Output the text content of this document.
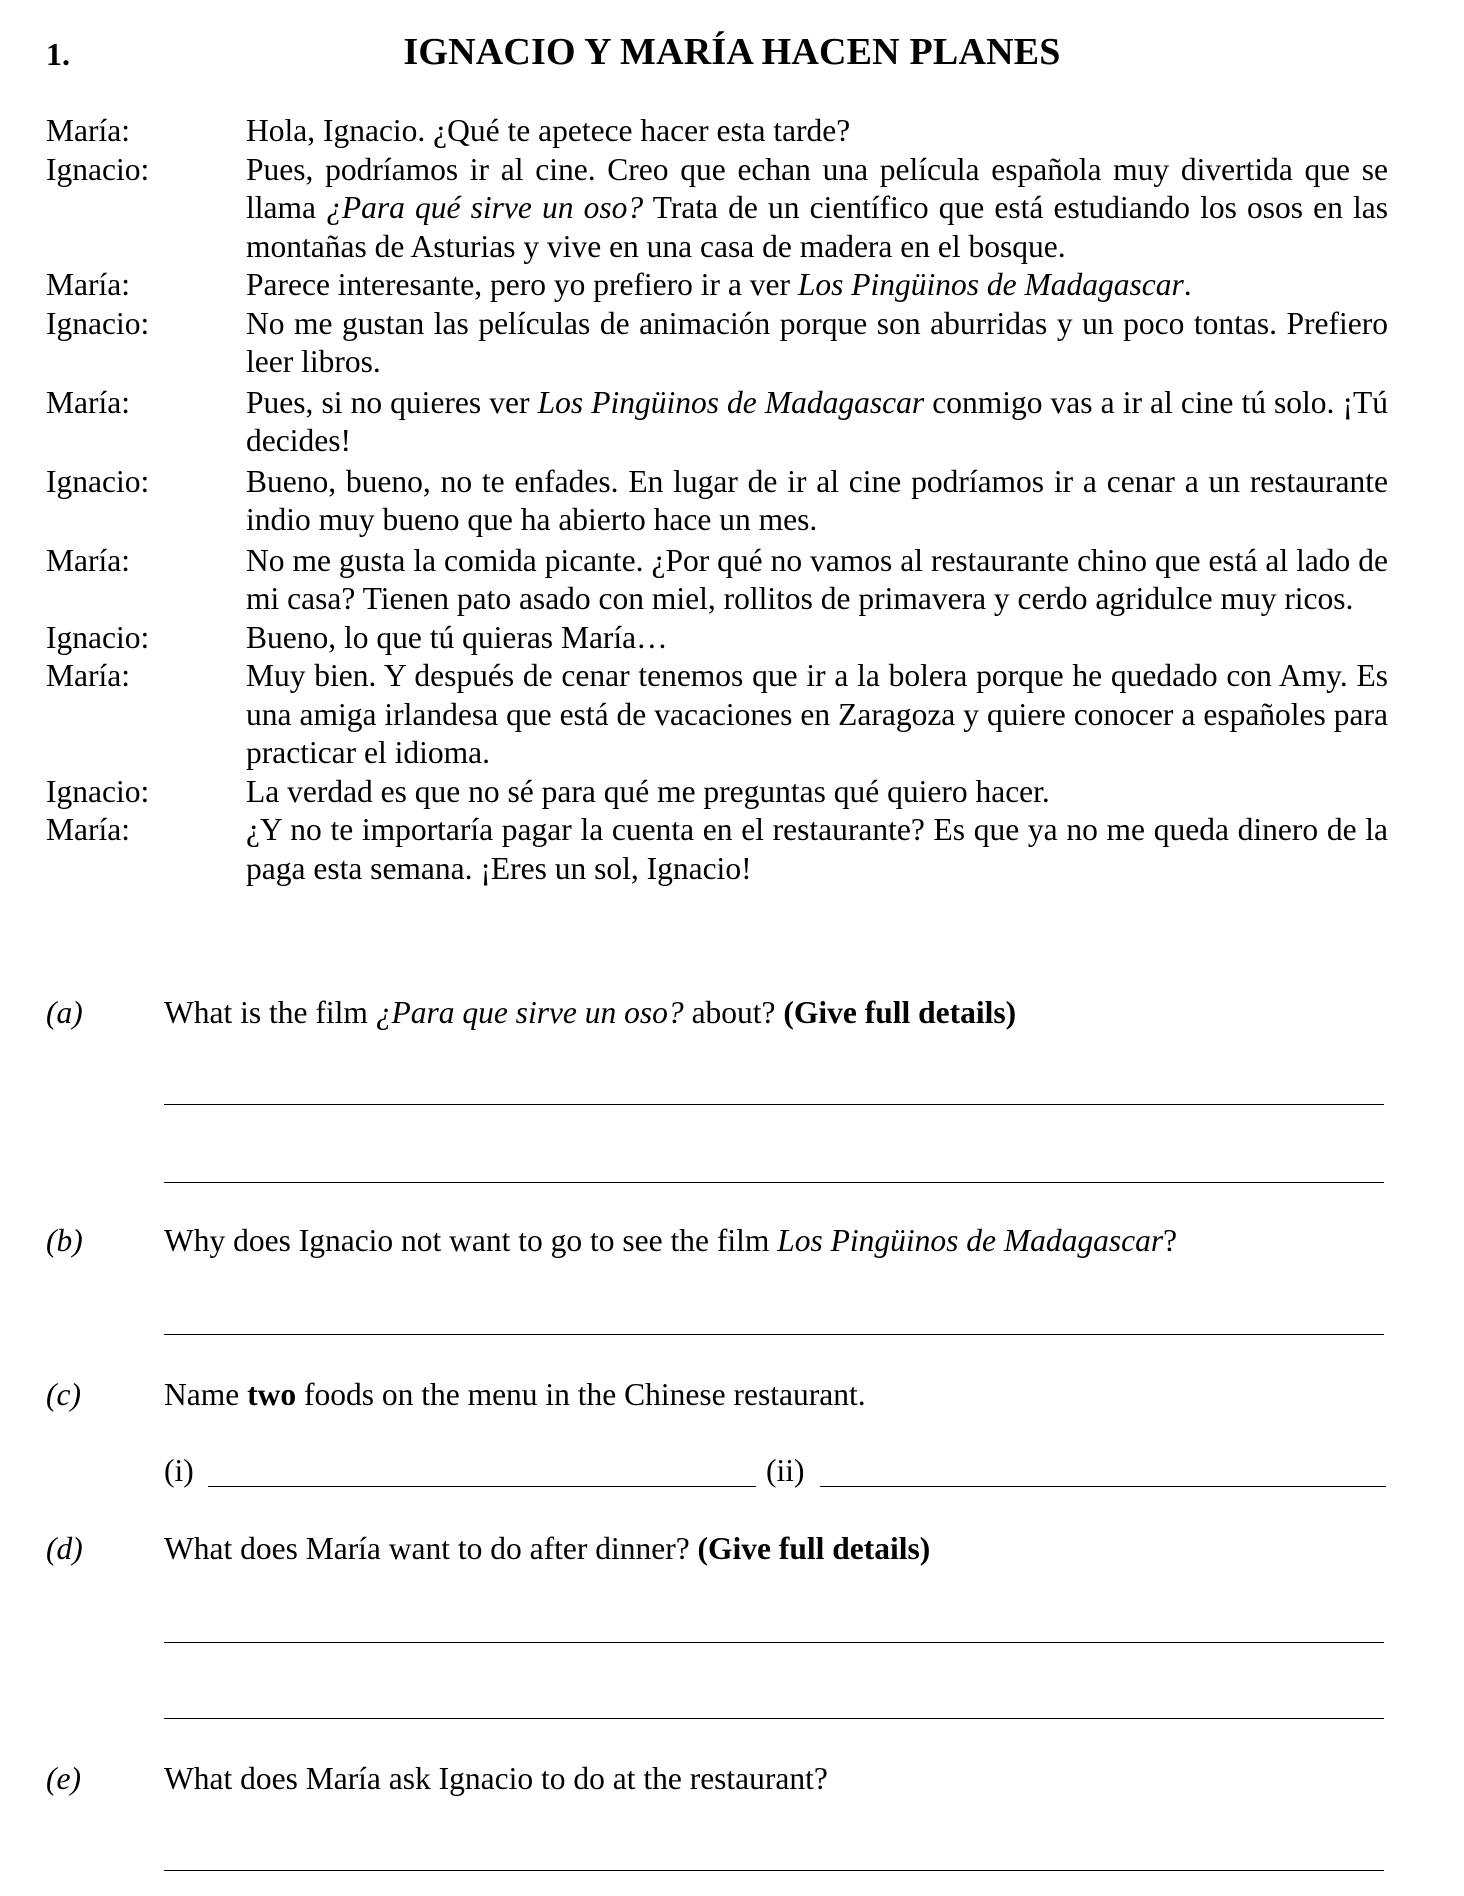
1.	IGNACIO Y MARÍA HACEN PLANES
María:	Hola, Ignacio. ¿Qué te apetece hacer esta tarde?
Ignacio:	Pues, podríamos ir al cine. Creo que echan una película española muy divertida que se llama ¿Para qué sirve un oso? Trata de un científico que está estudiando los osos en las montañas de Asturias y vive en una casa de madera en el bosque.
María:	Parece interesante, pero yo prefiero ir a ver Los Pingüinos de Madagascar.
Ignacio:	No me gustan las películas de animación porque son aburridas y un poco tontas. Prefiero leer libros.
María:	Pues, si no quieres ver Los Pingüinos de Madagascar conmigo vas a ir al cine tú solo. ¡Tú decides!
Ignacio:	Bueno, bueno, no te enfades. En lugar de ir al cine podríamos ir a cenar a un restaurante indio muy bueno que ha abierto hace un mes.
María:	No me gusta la comida picante. ¿Por qué no vamos al restaurante chino que está al lado de mi casa? Tienen pato asado con miel, rollitos de primavera y cerdo agridulce muy ricos.
Ignacio:	Bueno, lo que tú quieras María…
María:	Muy bien. Y después de cenar tenemos que ir a la bolera porque he quedado con Amy. Es una amiga irlandesa que está de vacaciones en Zaragoza y quiere conocer a españoles para practicar el idioma.
Ignacio:	La verdad es que no sé para qué me preguntas qué quiero hacer.
María:	¿Y no te importaría pagar la cuenta en el restaurante? Es que ya no me queda dinero de la paga esta semana. ¡Eres un sol, Ignacio!
(a)	What is the film ¿Para que sirve un oso? about? (Give full details)
(b)	Why does Ignacio not want to go to see the film Los Pingüinos de Madagascar?
(c)	Name two foods on the menu in the Chinese restaurant.
(i)	(ii)
(d)	What does María want to do after dinner? (Give full details)
(e)	What does María ask Ignacio to do at the restaurant?
